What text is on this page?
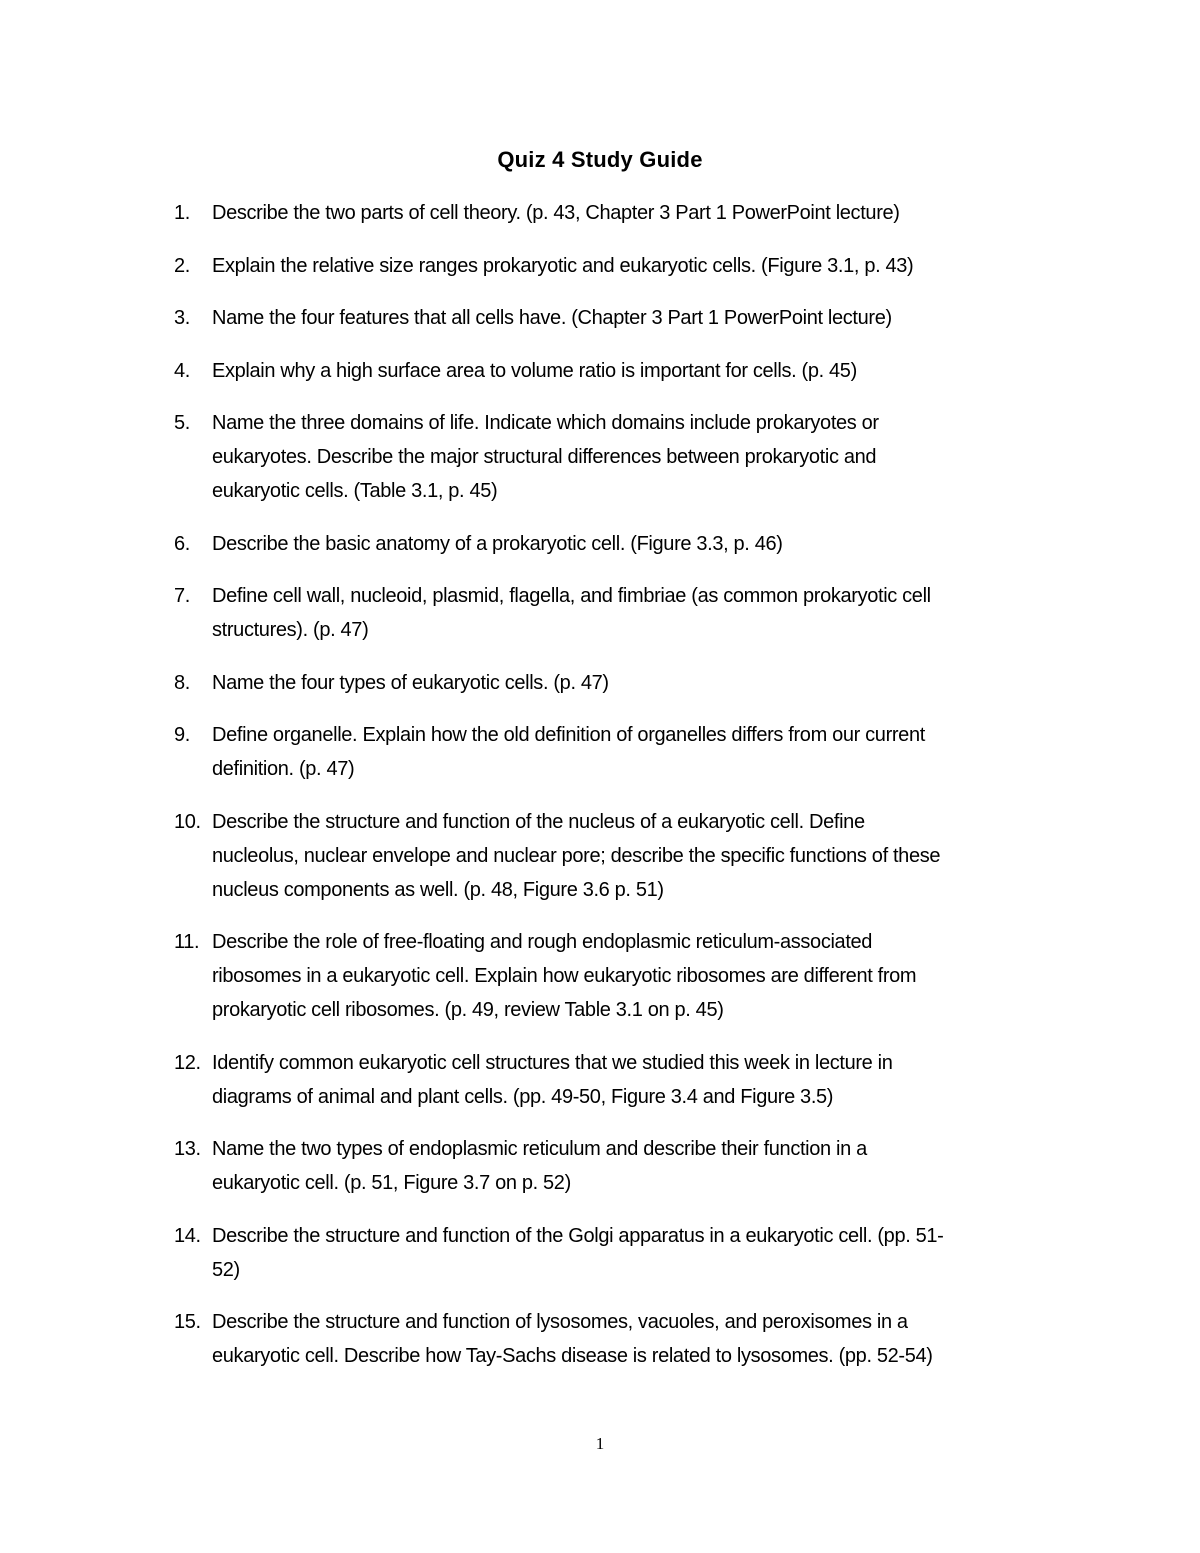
Quiz 4 Study Guide
1.	Describe the two parts of cell theory. (p. 43, Chapter 3 Part 1 PowerPoint lecture)
2.	Explain the relative size ranges prokaryotic and eukaryotic cells. (Figure 3.1, p. 43)
3.	Name the four features that all cells have. (Chapter 3 Part 1 PowerPoint lecture)
4.	Explain why a high surface area to volume ratio is important for cells. (p. 45)
5.	Name the three domains of life. Indicate which domains include prokaryotes or
eukaryotes. Describe the major structural differences between prokaryotic and
eukaryotic cells. (Table 3.1, p. 45)
6.	Describe the basic anatomy of a prokaryotic cell. (Figure 3.3, p. 46)
7.	Define cell wall, nucleoid, plasmid, flagella, and fimbriae (as common prokaryotic cell
structures). (p. 47)
8.	Name the four types of eukaryotic cells. (p. 47)
9.	Define organelle. Explain how the old definition of organelles differs from our current
definition. (p. 47)
10. Describe the structure and function of the nucleus of a eukaryotic cell. Define
nucleolus, nuclear envelope and nuclear pore; describe the specific functions of these
nucleus components as well. (p. 48, Figure 3.6 p. 51)
11. Describe the role of free-floating and rough endoplasmic reticulum-associated
ribosomes in a eukaryotic cell. Explain how eukaryotic ribosomes are different from
prokaryotic cell ribosomes. (p. 49, review Table 3.1 on p. 45)
12. Identify common eukaryotic cell structures that we studied this week in lecture in
diagrams of animal and plant cells. (pp. 49-50, Figure 3.4 and Figure 3.5)
13. Name the two types of endoplasmic reticulum and describe their function in a
eukaryotic cell. (p. 51, Figure 3.7 on p. 52)
14. Describe the structure and function of the Golgi apparatus in a eukaryotic cell. (pp. 51-
52)
15. Describe the structure and function of lysosomes, vacuoles, and peroxisomes in a
eukaryotic cell. Describe how Tay-Sachs disease is related to lysosomes. (pp. 52-54)
1
